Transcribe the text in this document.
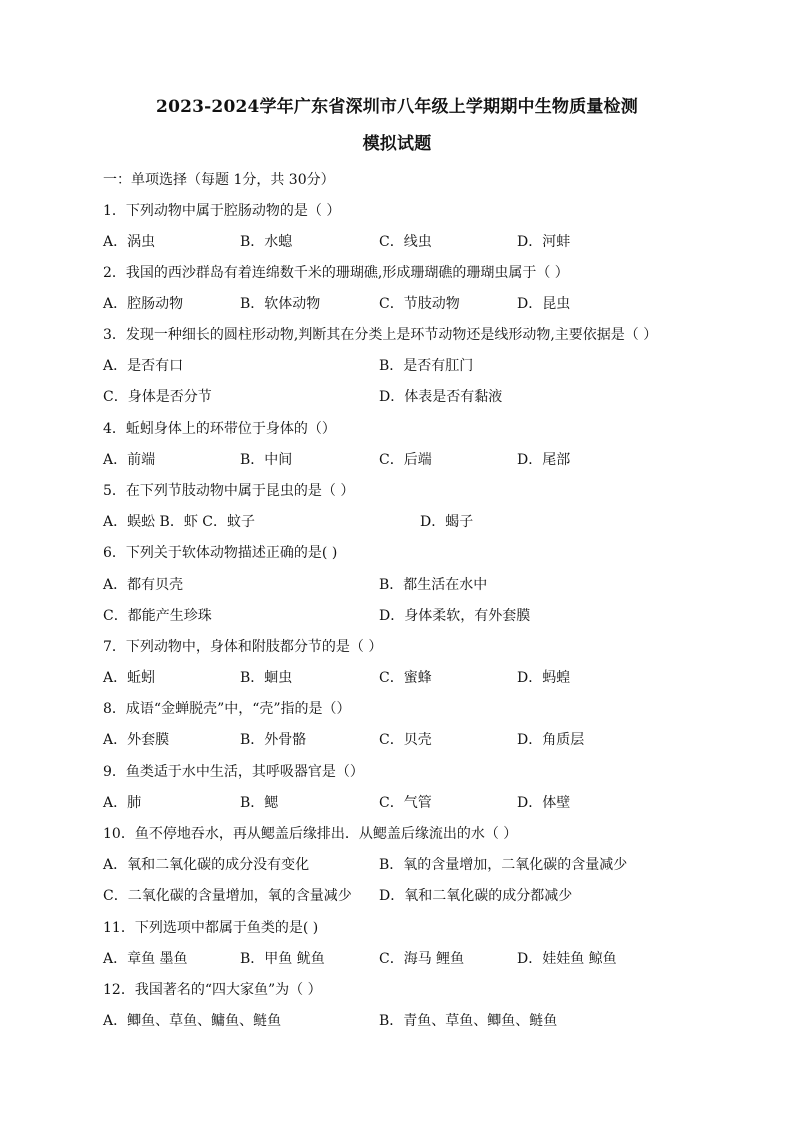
2023-2024学年广东省深圳市八年级上学期期中生物质量检测
模拟试题
一：单项选择（每题 1分，共 30分）
1．下列动物中属于腔肠动物的是（ ）
A．涡虫	B．水螅	C．线虫	D．河蚌
2．我国的西沙群岛有着连绵数千米的珊瑚礁,形成珊瑚礁的珊瑚虫属于（ ）
A．腔肠动物	B．软体动物	C．节肢动物	D．昆虫
3．发现一种细长的圆柱形动物,判断其在分类上是环节动物还是线形动物,主要依据是（ ）
A．是否有口	B．是否有肛门
C．身体是否分节	D．体表是否有黏液
4．蚯蚓身体上的环带位于身体的（）
A．前端	B．中间	C．后端	D．尾部
5．在下列节肢动物中属于昆虫的是（ ）
A．蜈蚣 B．虾 C．蚊子	D．蝎子
6．下列关于软体动物描述正确的是( )
A．都有贝壳	B．都生活在水中
C．都能产生珍珠	D．身体柔软，有外套膜
7．下列动物中，身体和附肢都分节的是（ ）
A．蚯蚓	B．蛔虫	C．蜜蜂	D．蚂蝗
8．成语“金蝉脱壳”中，“壳”指的是（）
A．外套膜	B．外骨骼	C．贝壳	D．角质层
9．鱼类适于水中生活，其呼吸器官是（）
A．肺	B．鳃	C．气管	D．体壁
10．鱼不停地吞水，再从鳃盖后缘排出．从鳃盖后缘流出的水（ ）
A．氧和二氧化碳的成分没有变化	B．氧的含量增加，二氧化碳的含量减少
C．二氧化碳的含量增加，氧的含量减少 D．氧和二氧化碳的成分都减少
11．下列选项中都属于鱼类的是( )
A．章鱼 墨鱼	B．甲鱼 鱿鱼	C．海马 鲤鱼	D．娃娃鱼 鲸鱼
12．我国著名的“四大家鱼”为（ ）
A．鲫鱼、草鱼、鳙鱼、鲢鱼	B．青鱼、草鱼、鲫鱼、鲢鱼
